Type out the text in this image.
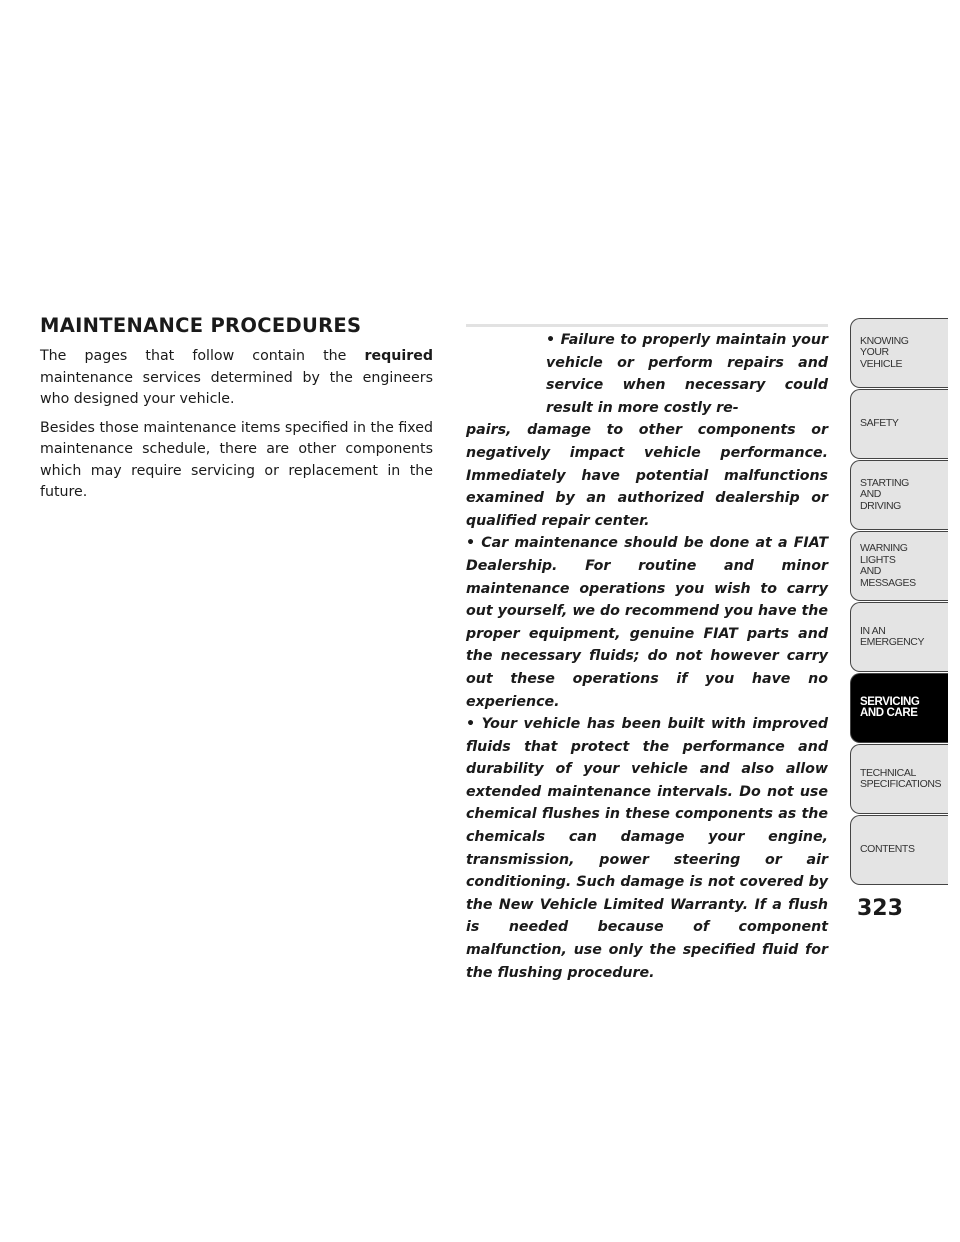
MAINTENANCE PROCEDURES

The pages that follow contain the required maintenance services determined by the engineers who designed your vehicle.

Besides those maintenance items specified in the fixed maintenance schedule, there are other components which may require servicing or replacement in the future.

• Failure to properly maintain your vehicle or perform repairs and service when necessary could result in more costly re-

pairs, damage to other components or negatively impact vehicle performance. Immediately have potential malfunctions examined by an authorized dealership or qualified repair center.

• Car maintenance should be done at a FIAT Dealership. For routine and minor maintenance operations you wish to carry out yourself, we do recommend you have the proper equipment, genuine FIAT parts and the necessary fluids; do not however carry out these operations if you have no experience.

• Your vehicle has been built with improved fluids that protect the performance and durability of your vehicle and also allow extended maintenance intervals. Do not use chemical flushes in these components as the chemicals can damage your engine, transmission, power steering or air conditioning. Such damage is not covered by the New Vehicle Limited Warranty. If a flush is needed because of component malfunction, use only the specified fluid for the flushing procedure.

KNOWING
YOUR
VEHICLE
SAFETY
STARTING
AND
DRIVING
WARNING
LIGHTS
AND
MESSAGES
IN AN
EMERGENCY
SERVICING
AND CARE
TECHNICAL
SPECIFICATIONS
CONTENTS
323
